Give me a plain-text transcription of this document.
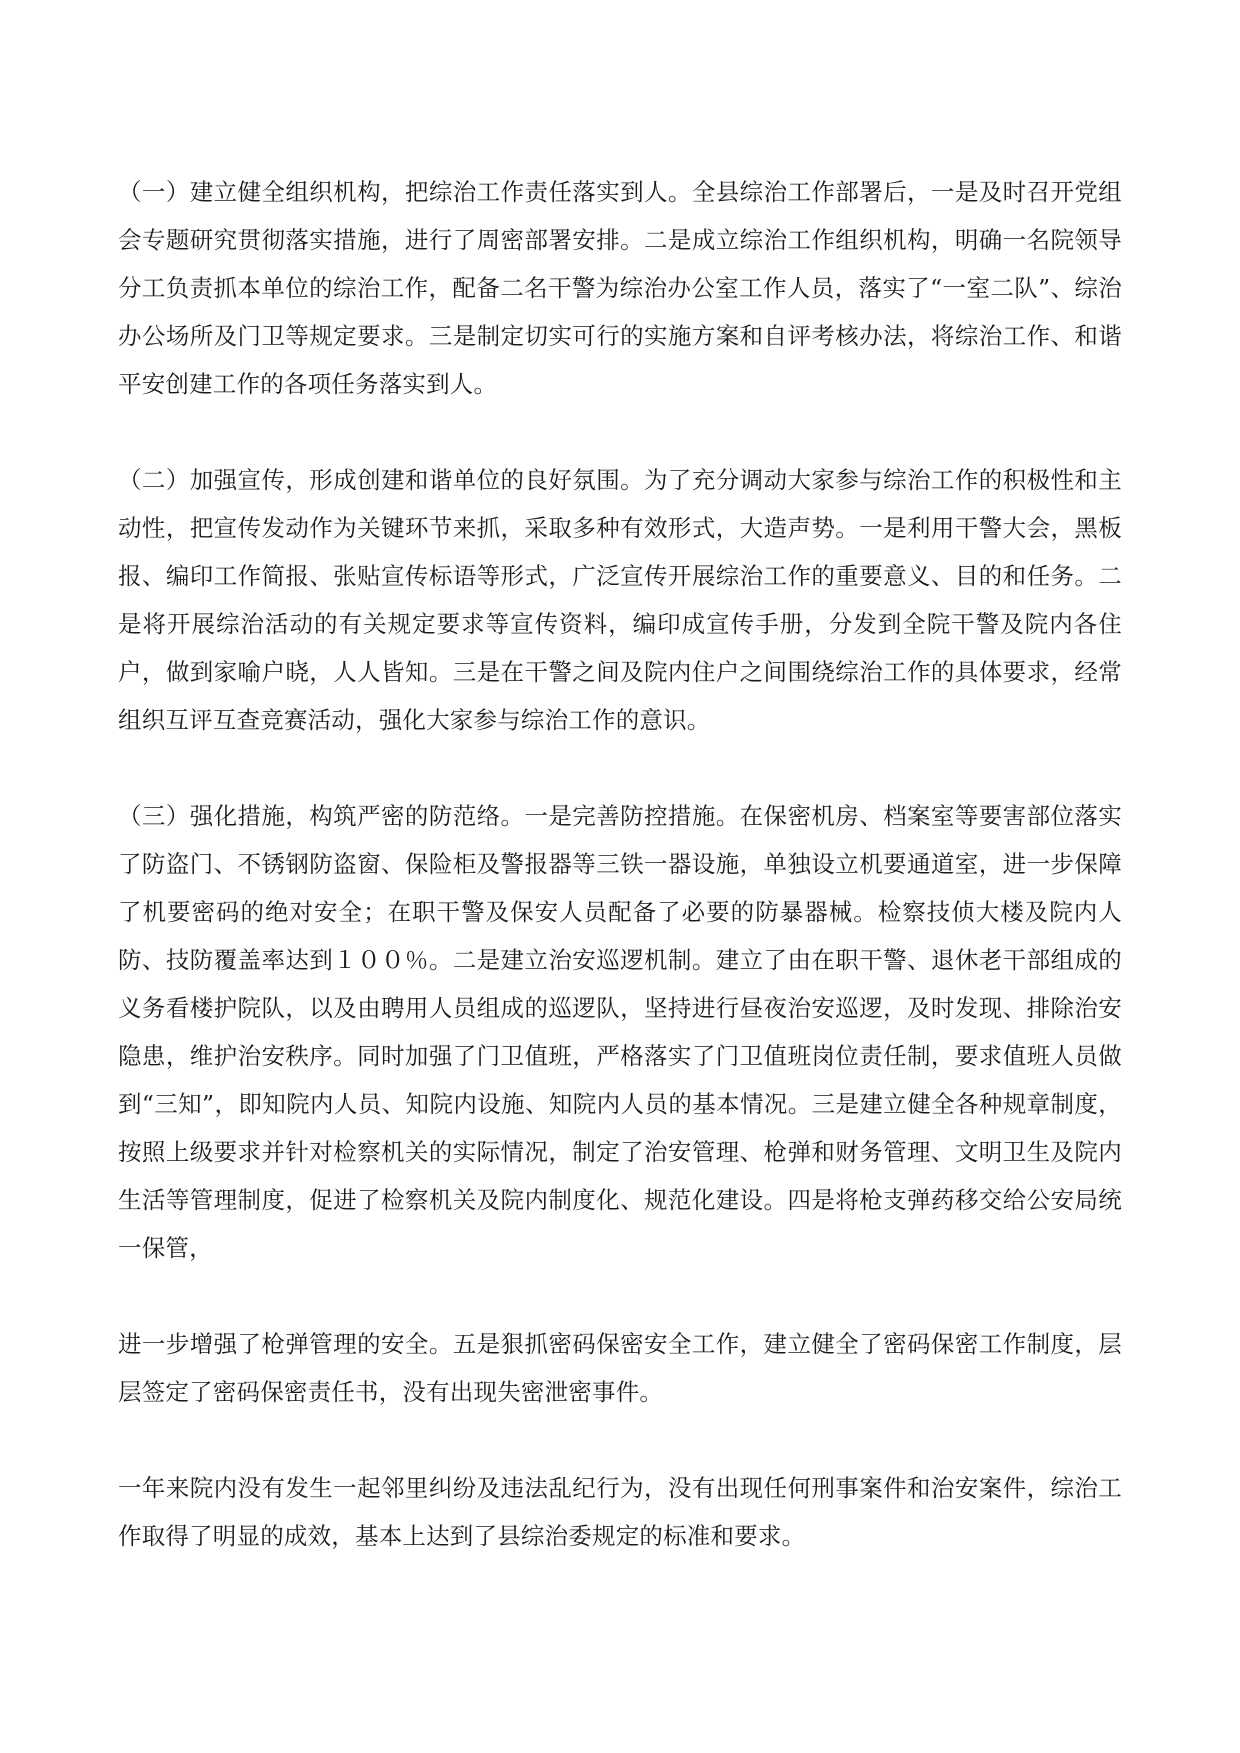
（一）建立健全组织机构，把综治工作责任落实到人。全县综治工作部署后，一是及时召开党组会专题研究贯彻落实措施，进行了周密部署安排。二是成立综治工作组织机构，明确一名院领导分工负责抓本单位的综治工作，配备二名干警为综治办公室工作人员，落实了“一室二队”、综治办公场所及门卫等规定要求。三是制定切实可行的实施方案和自评考核办法，将综治工作、和谐平安创建工作的各项任务落实到人。

（二）加强宣传，形成创建和谐单位的良好氛围。为了充分调动大家参与综治工作的积极性和主动性，把宣传发动作为关键环节来抓，采取多种有效形式，大造声势。一是利用干警大会，黑板报、编印工作简报、张贴宣传标语等形式，广泛宣传开展综治工作的重要意义、目的和任务。二是将开展综治活动的有关规定要求等宣传资料，编印成宣传手册，分发到全院干警及院内各住户，做到家喻户晓，人人皆知。三是在干警之间及院内住户之间围绕综治工作的具体要求，经常组织互评互查竞赛活动，强化大家参与综治工作的意识。

（三）强化措施，构筑严密的防范络。一是完善防控措施。在保密机房、档案室等要害部位落实了防盗门、不锈钢防盗窗、保险柜及警报器等三铁一器设施，单独设立机要通道室，进一步保障了机要密码的绝对安全；在职干警及保安人员配备了必要的防暴器械。检察技侦大楼及院内人防、技防覆盖率达到１００％。二是建立治安巡逻机制。建立了由在职干警、退休老干部组成的义务看楼护院队，以及由聘用人员组成的巡逻队，坚持进行昼夜治安巡逻，及时发现、排除治安隐患，维护治安秩序。同时加强了门卫值班，严格落实了门卫值班岗位责任制，要求值班人员做到“三知”，即知院内人员、知院内设施、知院内人员的基本情况。三是建立健全各种规章制度，按照上级要求并针对检察机关的实际情况，制定了治安管理、枪弹和财务管理、文明卫生及院内生活等管理制度，促进了检察机关及院内制度化、规范化建设。四是将枪支弹药移交给公安局统一保管，

进一步增强了枪弹管理的安全。五是狠抓密码保密安全工作，建立健全了密码保密工作制度，层层签定了密码保密责任书，没有出现失密泄密事件。

一年来院内没有发生一起邻里纠纷及违法乱纪行为，没有出现任何刑事案件和治安案件，综治工作取得了明显的成效，基本上达到了县综治委规定的标准和要求。
